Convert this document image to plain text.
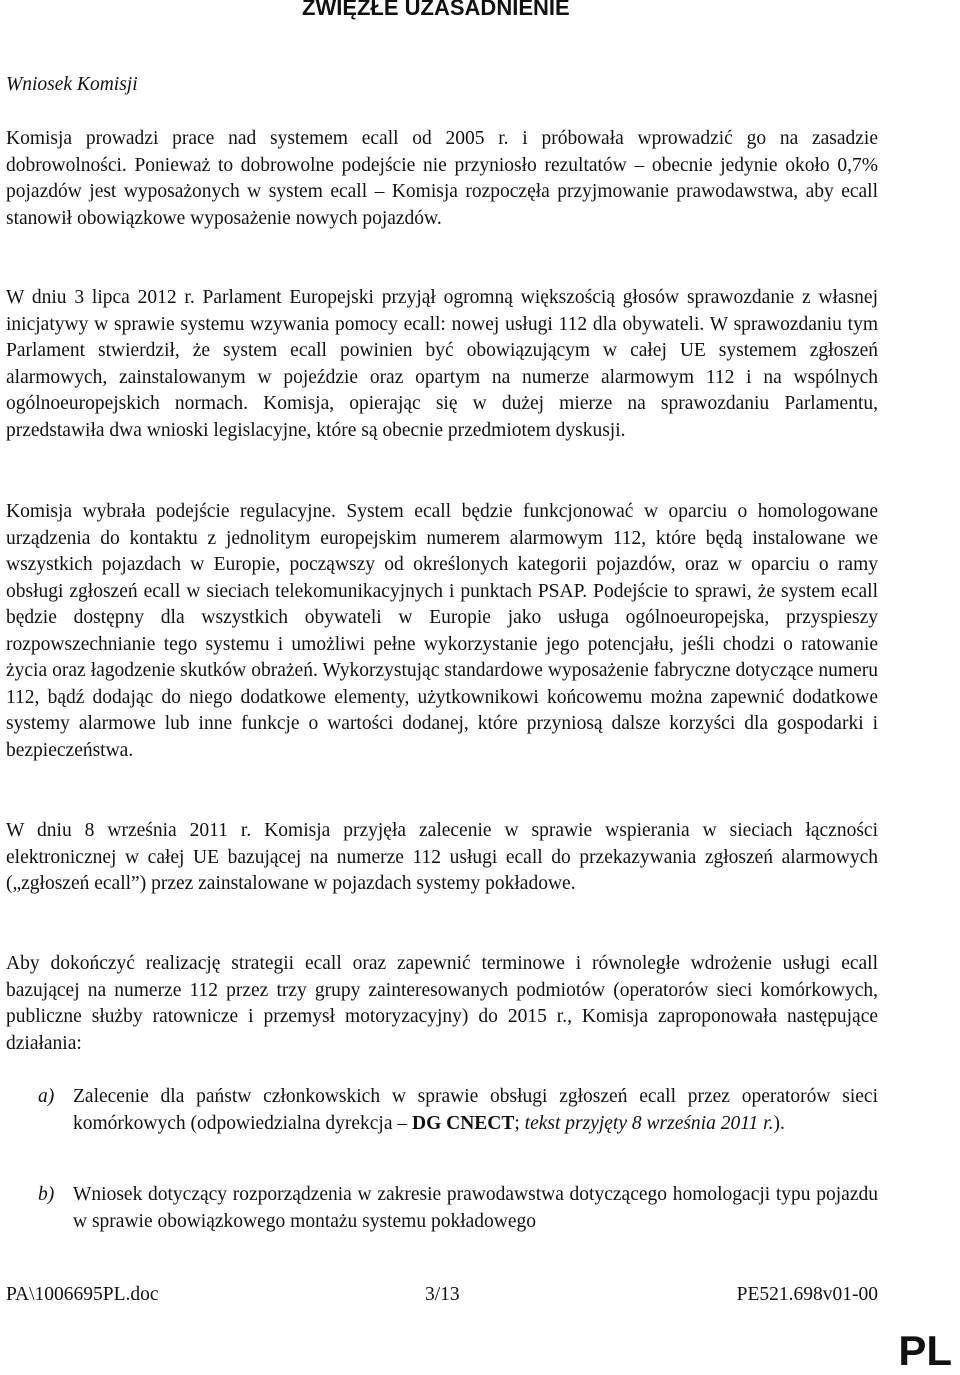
ZWIĘZŁE UZASADNIENIE

Wniosek Komisji

Komisja prowadzi prace nad systemem ecall od 2005 r. i próbowała wprowadzić go na zasadzie dobrowolności. Ponieważ to dobrowolne podejście nie przyniosło rezultatów – obecnie jedynie około 0,7% pojazdów jest wyposażonych w system ecall – Komisja rozpoczęła przyjmowanie prawodawstwa, aby ecall stanowił obowiązkowe wyposażenie nowych pojazdów.

W dniu 3 lipca 2012 r. Parlament Europejski przyjął ogromną większością głosów sprawozdanie z własnej inicjatywy w sprawie systemu wzywania pomocy ecall: nowej usługi 112 dla obywateli. W sprawozdaniu tym Parlament stwierdził, że system ecall powinien być obowiązującym w całej UE systemem zgłoszeń alarmowych, zainstalowanym w pojeździe oraz opartym na numerze alarmowym 112 i na wspólnych ogólnoeuropejskich normach. Komisja, opierając się w dużej mierze na sprawozdaniu Parlamentu, przedstawiła dwa wnioski legislacyjne, które są obecnie przedmiotem dyskusji.

Komisja wybrała podejście regulacyjne. System ecall będzie funkcjonować w oparciu o homologowane urządzenia do kontaktu z jednolitym europejskim numerem alarmowym 112, które będą instalowane we wszystkich pojazdach w Europie, począwszy od określonych kategorii pojazdów, oraz w oparciu o ramy obsługi zgłoszeń ecall w sieciach telekomunikacyjnych i punktach PSAP. Podejście to sprawi, że system ecall będzie dostępny dla wszystkich obywateli w Europie jako usługa ogólnoeuropejska, przyspieszy rozpowszechnianie tego systemu i umożliwi pełne wykorzystanie jego potencjału, jeśli chodzi o ratowanie życia oraz łagodzenie skutków obrażeń. Wykorzystując standardowe wyposażenie fabryczne dotyczące numeru 112, bądź dodając do niego dodatkowe elementy, użytkownikowi końcowemu można zapewnić dodatkowe systemy alarmowe lub inne funkcje o wartości dodanej, które przyniosą dalsze korzyści dla gospodarki i bezpieczeństwa.

W dniu 8 września 2011 r. Komisja przyjęła zalecenie w sprawie wspierania w sieciach łączności elektronicznej w całej UE bazującej na numerze 112 usługi ecall do przekazywania zgłoszeń alarmowych („zgłoszeń ecall”) przez zainstalowane w pojazdach systemy pokładowe.

Aby dokończyć realizację strategii ecall oraz zapewnić terminowe i równoległe wdrożenie usługi ecall bazującej na numerze 112 przez trzy grupy zainteresowanych podmiotów (operatorów sieci komórkowych, publiczne służby ratownicze i przemysł motoryzacyjny) do 2015 r., Komisja zaproponowała następujące działania:

a) Zalecenie dla państw członkowskich w sprawie obsługi zgłoszeń ecall przez operatorów sieci komórkowych (odpowiedzialna dyrekcja – DG CNECT; tekst przyjęty 8 września 2011 r.).
b) Wniosek dotyczący rozporządzenia w zakresie prawodawstwa dotyczącego homologacji typu pojazdu w sprawie obowiązkowego montażu systemu pokładowego
PA\1006695PL.doc	3/13	PE521.698v01-00
PL
